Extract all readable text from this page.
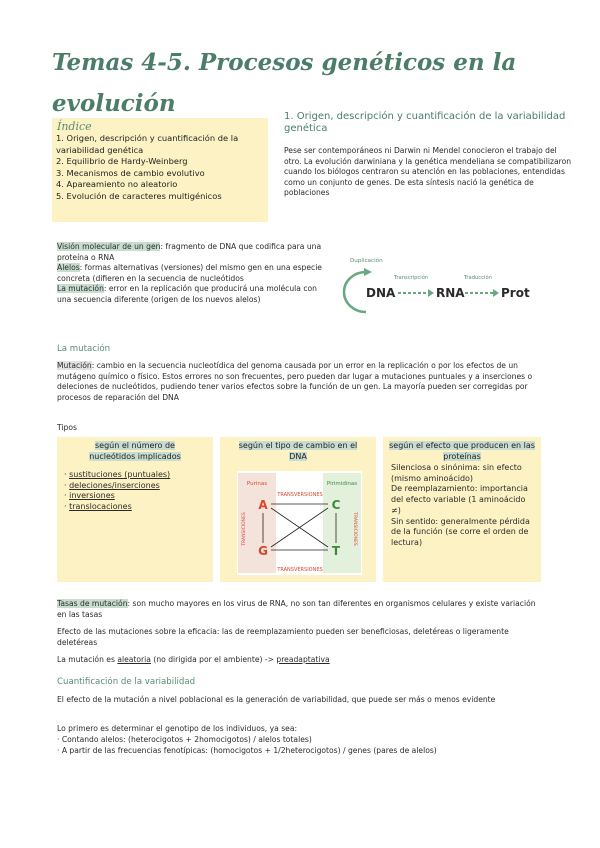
Temas 4-5. Procesos genéticos en la
evolución
Índice
1. Origen, descripción y cuantificación de la variabilidad genética
2. Equilibrio de Hardy-Weinberg
3. Mecanismos de cambio evolutivo
4. Apareamiento no aleatorio
5. Evolución de caracteres multigénicos
1. Origen, descripción y cuantificación de la variabilidad genética
Pese ser contemporáneos ni Darwin ni Mendel conocieron el trabajo del otro. La evolución darwiniana y la genética mendeliana se compatibilizaron cuando los biólogos centraron su atención en las poblaciones, entendidas como un conjunto de genes. De esta síntesis nació la genética de poblaciones
Visión molecular de un gen: fragmento de DNA que codifica para una proteína o RNA
Alelos: formas alternativas (versiones) del mismo gen en una especie concreta (difieren en la secuencia de nucleótidos
La mutación: error en la replicación que producirá una molécula con una secuencia diferente (origen de los nuevos alelos)
Duplicación
DNA
Transcripción
RNA
Traducción
Prot
La mutación
Mutación: cambio en la secuencia nucleotídica del genoma causada por un error en la replicación o por los efectos de un mutágeno químico o físico. Estos errores no son frecuentes, pero pueden dar lugar a mutaciones puntuales y a inserciones o deleciones de nucleótidos, pudiendo tener varios efectos sobre la función de un gen. La mayoría pueden ser corregidas por procesos de reparación del DNA
Tipos
según el número de nucleótidos implicados
· sustituciones (puntuales)
· deleciones/inserciones
· inversiones
· translocaciones
según el tipo de cambio en el DNA
Purinas	Pirimidinas
TRANSVERSIONES
TRANSVERSIONES
A
G
C
T
TRANSICIONES	TRANSICIONES
según el efecto que producen en las proteínas
Silenciosa o sinónima: sin efecto (mismo aminoácido)
De reemplazamiento: importancia del efecto variable (1 aminoácido ≠)
Sin sentido: generalmente pérdida de la función (se corre el orden de lectura)
Tasas de mutación: son mucho mayores en los virus de RNA, no son tan diferentes en organismos celulares y existe variación en las tasas
Efecto de las mutaciones sobre la eficacia: las de reemplazamiento pueden ser beneficiosas, deletéreas o ligeramente deletéreas
La mutación es aleatoria (no dirigida por el ambiente) -> preadaptativa
Cuantificación de la variabilidad
El efecto de la mutación a nivel poblacional es la generación de variabilidad, que puede ser más o menos evidente
Lo primero es determinar el genotipo de los individuos, ya sea:
· Contando alelos: (heterocigotos + 2homocigotos) / alelos totales)
· A partir de las frecuencias fenotípicas: (homocigotos + 1/2heterocigotos) / genes (pares de alelos)
